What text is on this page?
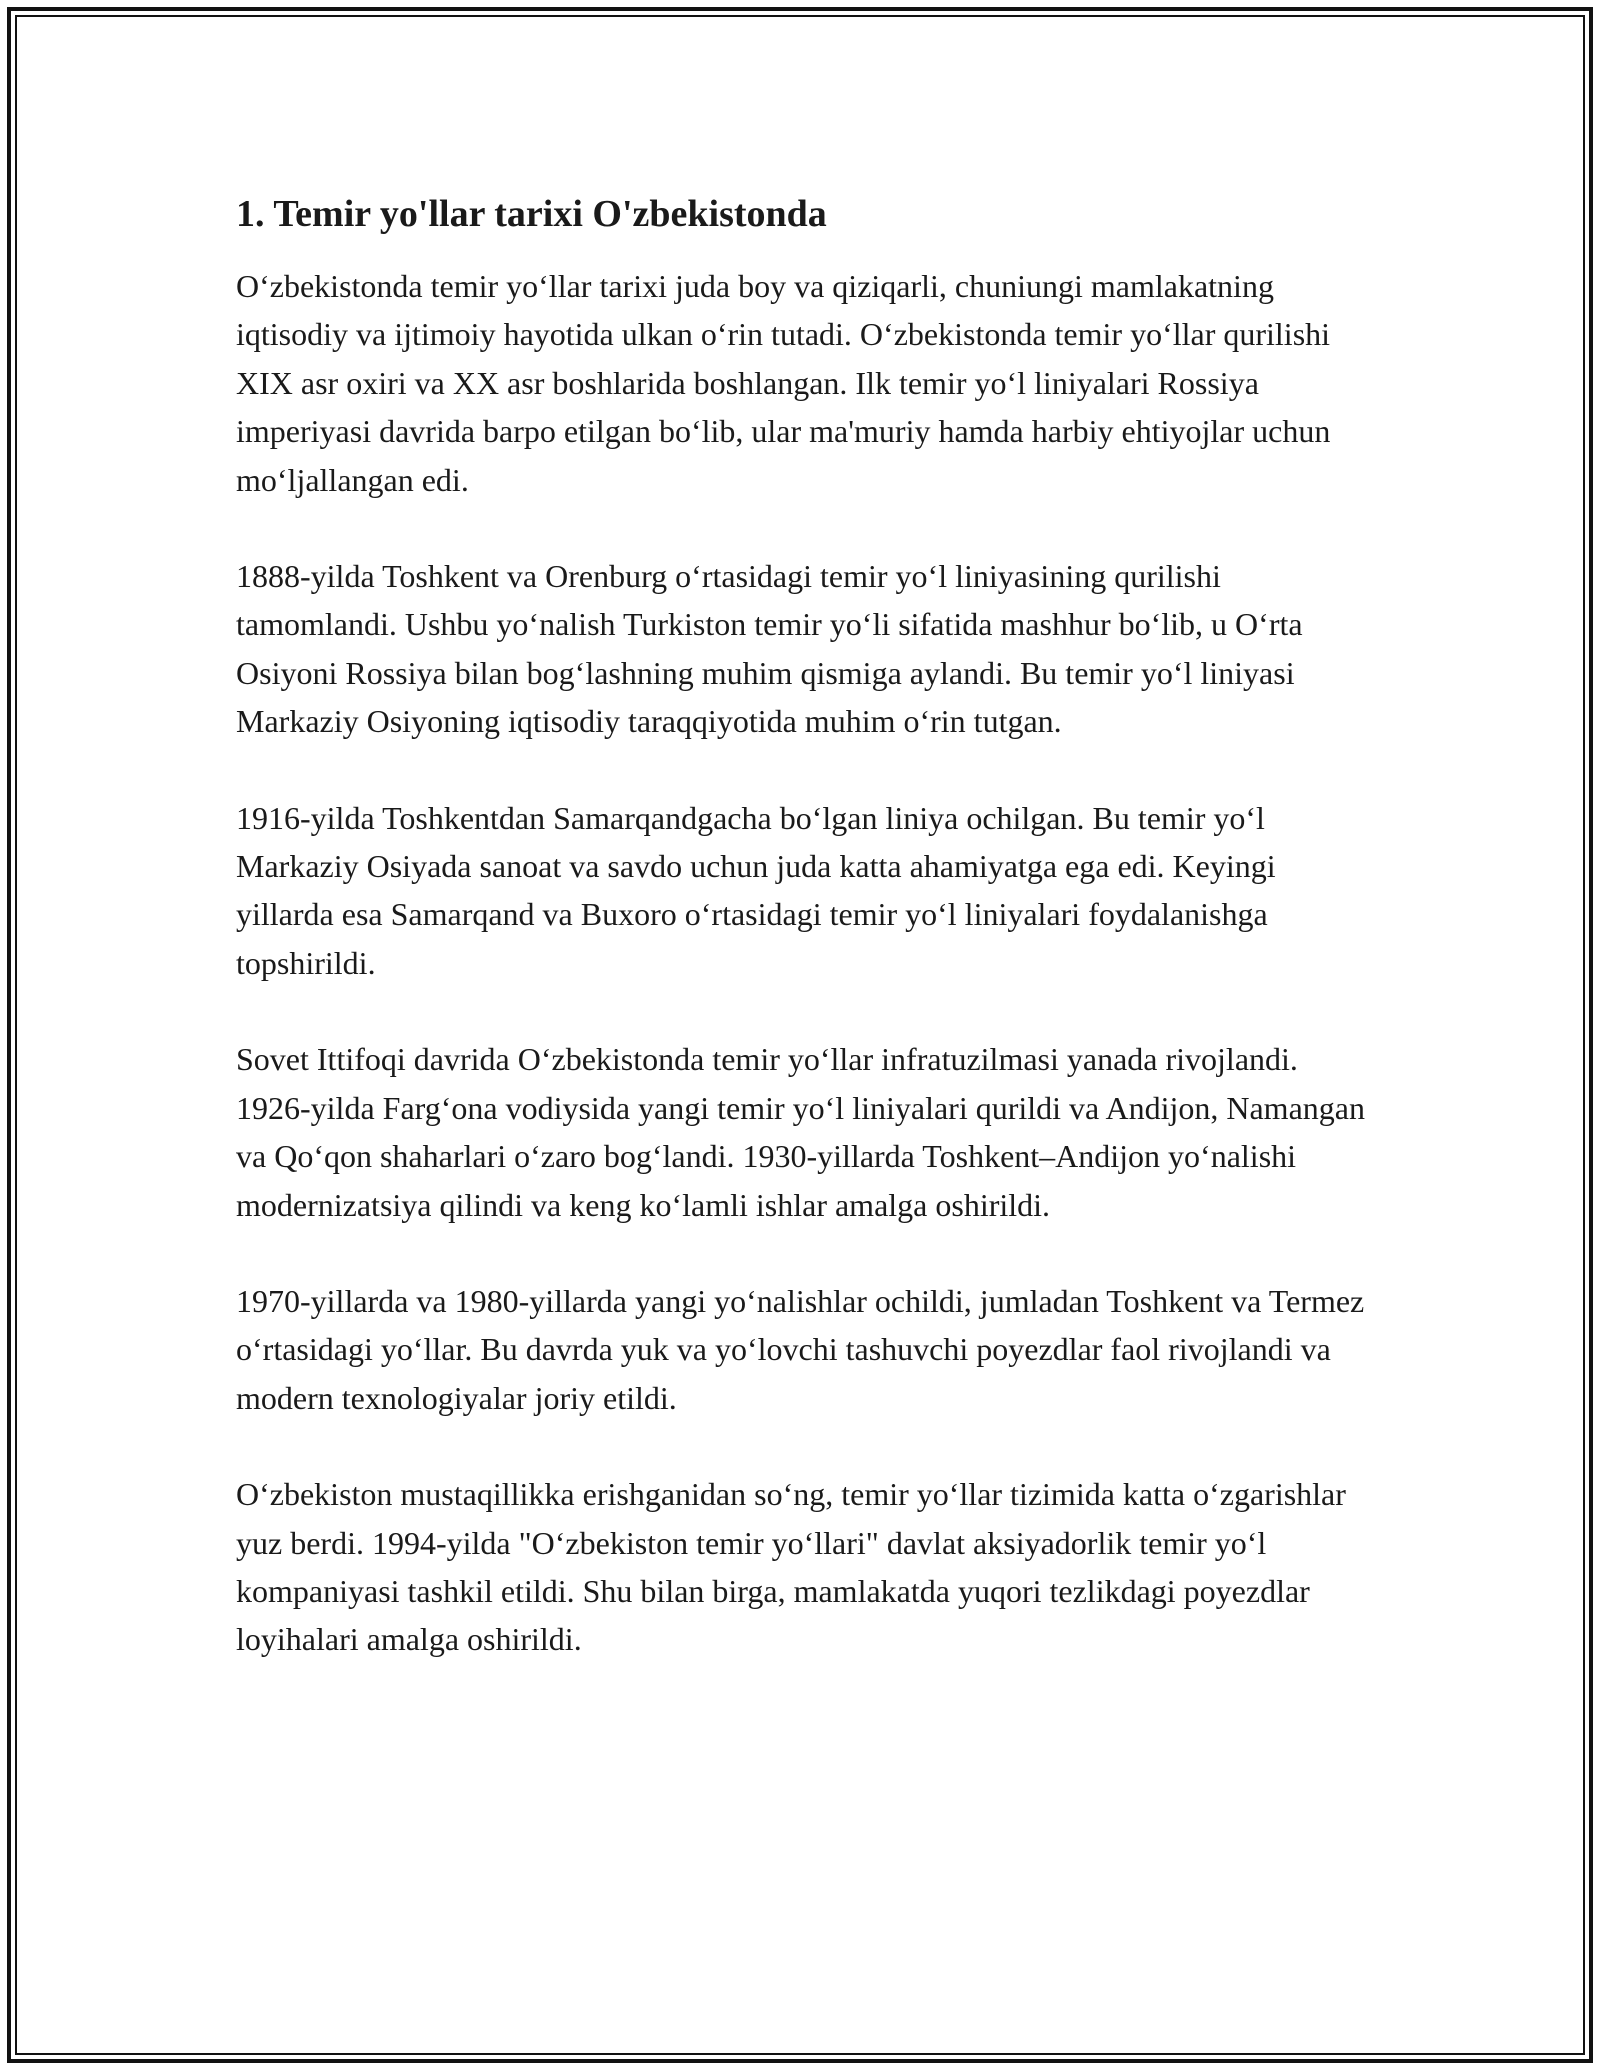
1. Temir yo'llar tarixi O'zbekistonda

O‘zbekistonda temir yo‘llar tarixi juda boy va qiziqarli, chuniungi mamlakatning iqtisodiy va ijtimoiy hayotida ulkan o‘rin tutadi. O‘zbekistonda temir yo‘llar qurilishi XIX asr oxiri va XX asr boshlarida boshlangan. Ilk temir yo‘l liniyalari Rossiya imperiyasi davrida barpo etilgan bo‘lib, ular ma'muriy hamda harbiy ehtiyojlar uchun mo‘ljallangan edi.

1888-yilda Toshkent va Orenburg o‘rtasidagi temir yo‘l liniyasining qurilishi tamomlandi. Ushbu yo‘nalish Turkiston temir yo‘li sifatida mashhur bo‘lib, u O‘rta Osiyoni Rossiya bilan bog‘lashning muhim qismiga aylandi. Bu temir yo‘l liniyasi Markaziy Osiyoning iqtisodiy taraqqiyotida muhim o‘rin tutgan.

1916-yilda Toshkentdan Samarqandgacha bo‘lgan liniya ochilgan. Bu temir yo‘l Markaziy Osiyada sanoat va savdo uchun juda katta ahamiyatga ega edi. Keyingi yillarda esa Samarqand va Buxoro o‘rtasidagi temir yo‘l liniyalari foydalanishga topshirildi.

Sovet Ittifoqi davrida O‘zbekistonda temir yo‘llar infratuzilmasi yanada rivojlandi. 1926-yilda Farg‘ona vodiysida yangi temir yo‘l liniyalari qurildi va Andijon, Namangan va Qo‘qon shaharlari o‘zaro bog‘landi. 1930-yillarda Toshkent–Andijon yo‘nalishi modernizatsiya qilindi va keng ko‘lamli ishlar amalga oshirildi.

1970-yillarda va 1980-yillarda yangi yo‘nalishlar ochildi, jumladan Toshkent va Termez o‘rtasidagi yo‘llar. Bu davrda yuk va yo‘lovchi tashuvchi poyezdlar faol rivojlandi va modern texnologiyalar joriy etildi.

O‘zbekiston mustaqillikka erishganidan so‘ng, temir yo‘llar tizimida katta o‘zgarishlar yuz berdi. 1994-yilda "O‘zbekiston temir yo‘llari" davlat aksiyadorlik temir yo‘l kompaniyasi tashkil etildi. Shu bilan birga, mamlakatda yuqori tezlikdagi poyezdlar loyihalari amalga oshirildi.
